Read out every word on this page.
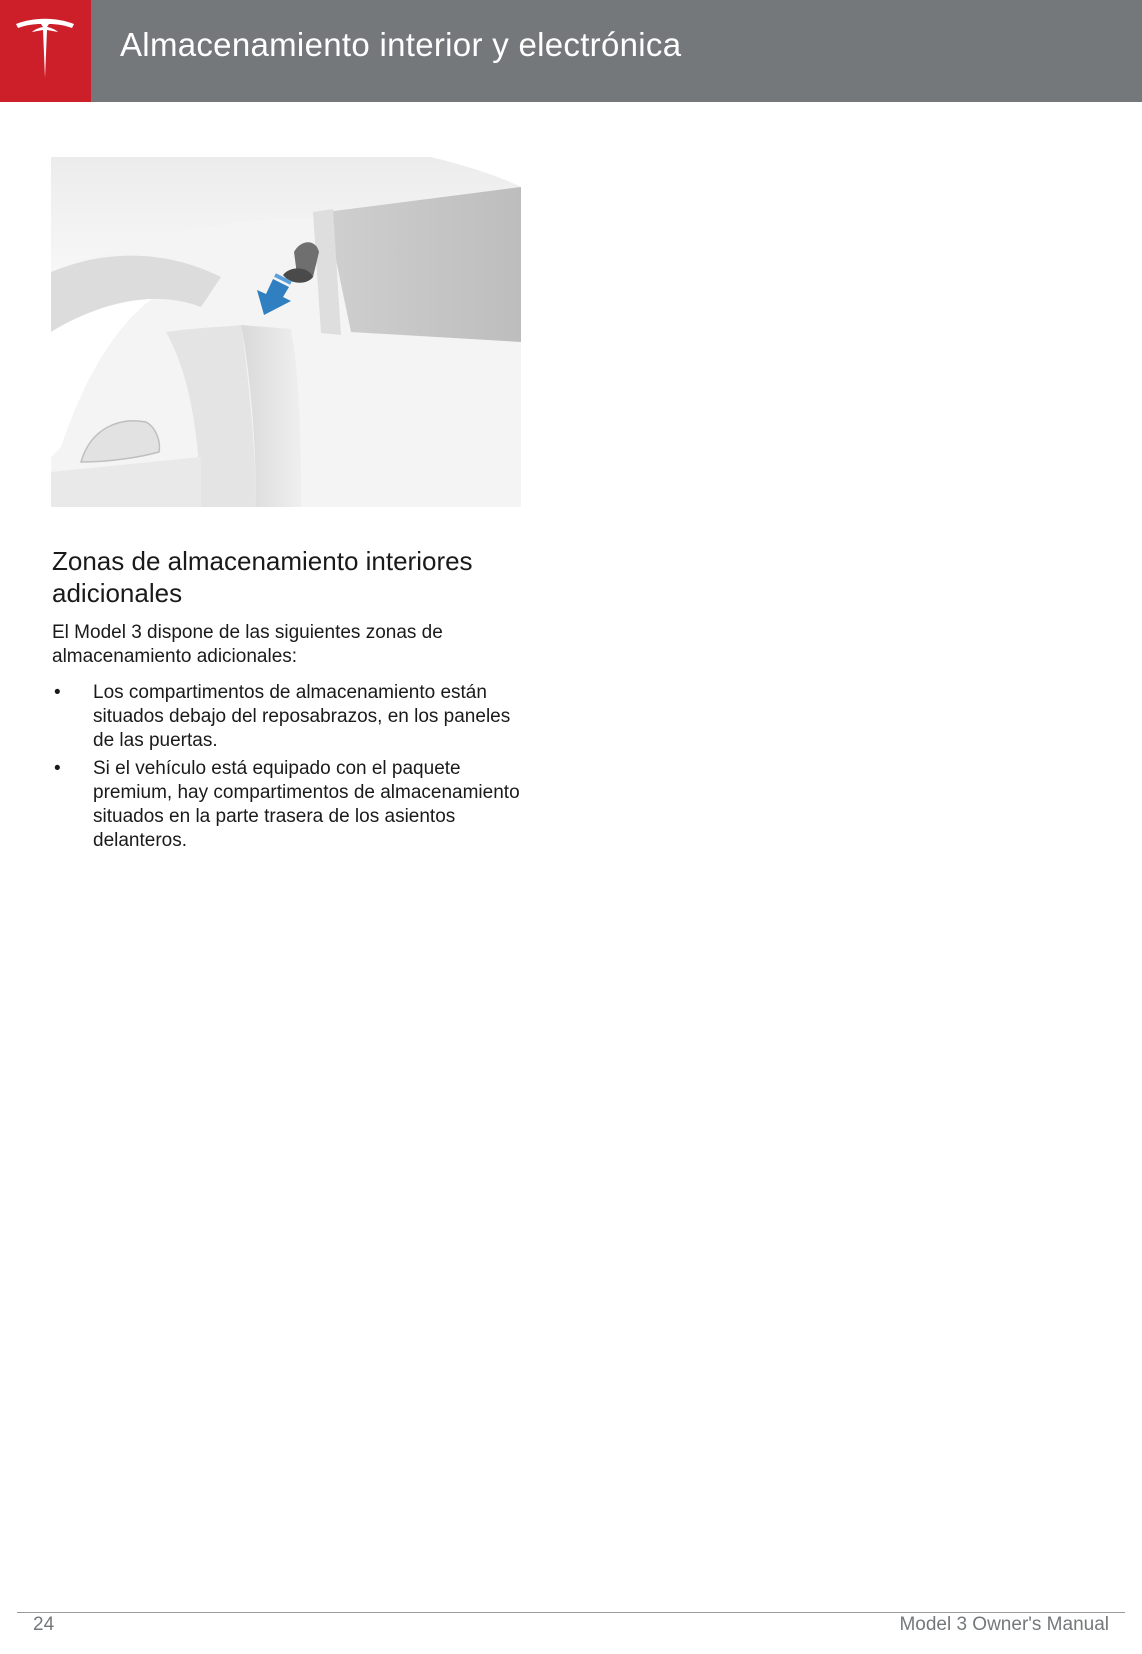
Almacenamiento interior y electrónica
Zonas de almacenamiento interiores adicionales

El Model 3 dispone de las siguientes zonas de almacenamiento adicionales:

• Los compartimentos de almacenamiento están situados debajo del reposabrazos, en los paneles de las puertas.
• Si el vehículo está equipado con el paquete premium, hay compartimentos de almacenamiento situados en la parte trasera de los asientos delanteros.
24	Model 3 Owner's Manual
